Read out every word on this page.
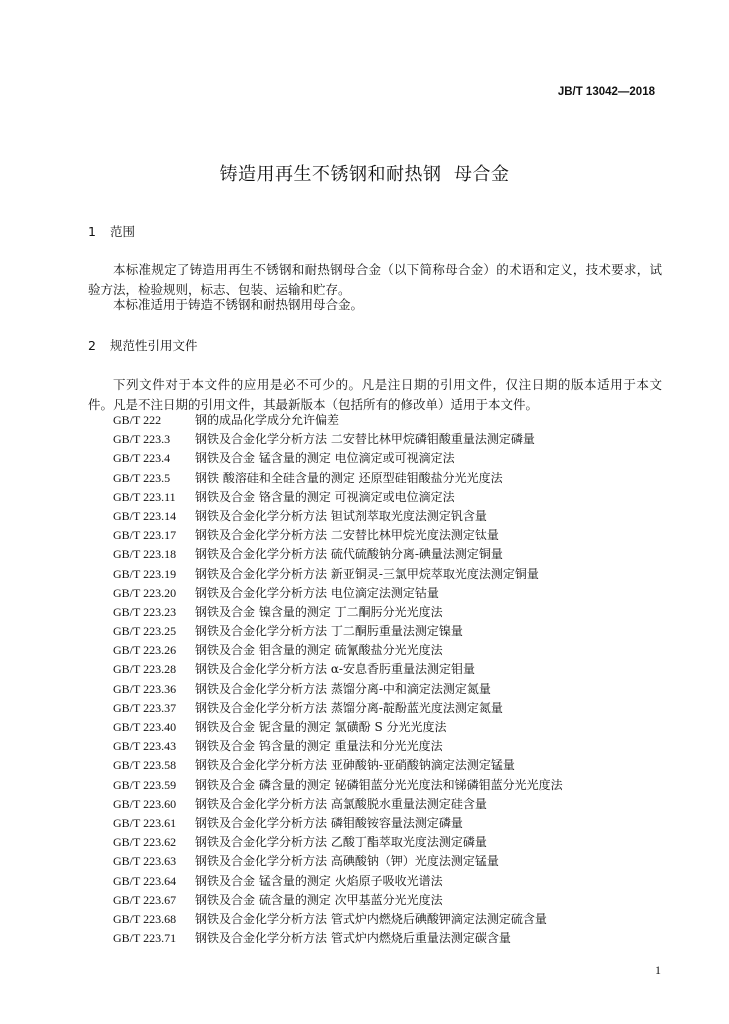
JB/T 13042—2018
铸造用再生不锈钢和耐热钢  母合金
1 范围

本标准规定了铸造用再生不锈钢和耐热钢母合金（以下简称母合金）的术语和定义，技术要求，试验方法，检验规则，标志、包装、运输和贮存。

本标准适用于铸造不锈钢和耐热钢用母合金。

2 规范性引用文件

下列文件对于本文件的应用是必不可少的。凡是注日期的引用文件，仅注日期的版本适用于本文件。凡是不注日期的引用文件，其最新版本（包括所有的修改单）适用于本文件。

GB/T 222	钢的成品化学成分允许偏差
GB/T 223.3 钢铁及合金化学分析方法 二安替比林甲烷磷钼酸重量法测定磷量
GB/T 223.4 钢铁及合金 锰含量的测定 电位滴定或可视滴定法
GB/T 223.5 钢铁 酸溶硅和全硅含量的测定 还原型硅钼酸盐分光光度法
GB/T 223.11 钢铁及合金 铬含量的测定 可视滴定或电位滴定法
GB/T 223.14 钢铁及合金化学分析方法 钽试剂萃取光度法测定钒含量
GB/T 223.17 钢铁及合金化学分析方法 二安替比林甲烷光度法测定钛量
GB/T 223.18 钢铁及合金化学分析方法 硫代硫酸钠分离-碘量法测定铜量
GB/T 223.19 钢铁及合金化学分析方法 新亚铜灵-三氯甲烷萃取光度法测定铜量
GB/T 223.20 钢铁及合金化学分析方法 电位滴定法测定钴量
GB/T 223.23 钢铁及合金 镍含量的测定 丁二酮肟分光光度法
GB/T 223.25 钢铁及合金化学分析方法 丁二酮肟重量法测定镍量
GB/T 223.26 钢铁及合金 钼含量的测定 硫氰酸盐分光光度法
GB/T 223.28 钢铁及合金化学分析方法 α-安息香肟重量法测定钼量
GB/T 223.36 钢铁及合金化学分析方法 蒸馏分离-中和滴定法测定氮量
GB/T 223.37 钢铁及合金化学分析方法 蒸馏分离-靛酚蓝光度法测定氮量
GB/T 223.40 钢铁及合金 铌含量的测定 氯磺酚 S 分光光度法
GB/T 223.43 钢铁及合金 钨含量的测定 重量法和分光光度法
GB/T 223.58 钢铁及合金化学分析方法 亚砷酸钠-亚硝酸钠滴定法测定锰量
GB/T 223.59 钢铁及合金 磷含量的测定 铋磷钼蓝分光光度法和锑磷钼蓝分光光度法
GB/T 223.60 钢铁及合金化学分析方法 高氯酸脱水重量法测定硅含量
GB/T 223.61 钢铁及合金化学分析方法 磷钼酸铵容量法测定磷量
GB/T 223.62 钢铁及合金化学分析方法 乙酸丁酯萃取光度法测定磷量
GB/T 223.63 钢铁及合金化学分析方法 高碘酸钠（钾）光度法测定锰量
GB/T 223.64 钢铁及合金 锰含量的测定 火焰原子吸收光谱法
GB/T 223.67 钢铁及合金 硫含量的测定 次甲基蓝分光光度法
GB/T 223.68 钢铁及合金化学分析方法 管式炉内燃烧后碘酸钾滴定法测定硫含量
GB/T 223.71 钢铁及合金化学分析方法 管式炉内燃烧后重量法测定碳含量
1
